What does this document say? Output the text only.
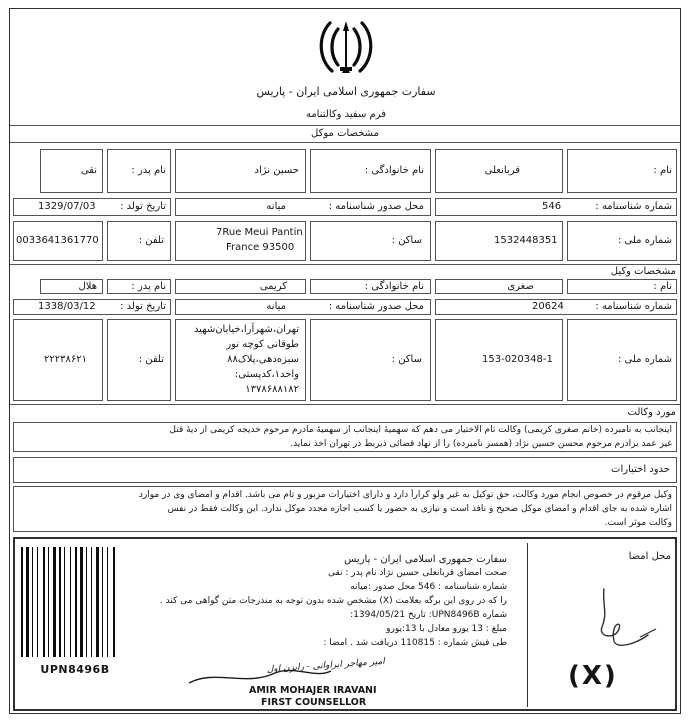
سفارت جمهوری اسلامی ایران - پاریس
فرم سفید وکالتنامه
مشخصات موکل
نام :
قربانعلی
نام خانوادگی :
حسین نژاد
نام پدر :
نقی
شماره شناسنامه :
546
محل صدور شناسنامه :
میانه
تاریخ تولد :
1329/07/03
شماره ملی :
1532448351
ساکن :
7Rue Meui Pantin
France 93500
تلفن :
0033641361770
مشخصات وکیل
نام :
صغری
نام خانوادگی :
کریمی
نام پدر :
هلال
شماره شناسنامه :
20624
محل صدور شناسنامه :
میانه
تاریخ تولد :
1338/03/12
شماره ملی :
153-020348-1
ساکن :
تهران،شهرآرا،خیابان‌شهید
طوقانی کوچه نور
سبزه‌دهی،پلاک۸۸
واحد۱،کدپستی:
۱۳۷۸۶۸۸۱۸۲
تلفن :
۲۲۲۳۸۶۲۱
مورد وکالت
اینجانب به نامبرده (خانم صغری کریمی) وکالت تام الاختیار می دهم که سهمیهٔ اینجانب از سهمیهٔ مادرم مرحوم خدیجه کریمی از دیهٔ قتل
غیر عمد برادرم مرحوم محسن حسین نژاد (همسر نامبرده) را از نهاد قضائی ذیربط در تهران اخذ نماید.
حدود اختیارات
وکیل مرقوم در خصوص انجام مورد وکالت، حق توکیل به غیر ولو کراراً دارد و دارای اختیارات مزبور و تام می باشد. اقدام و امضای وی در موارد
اشاره شده به جای اقدام و امضای موکل صحیح و نافذ است و نیازی به حضور یا کسب اجازه مجدد موکل ندارد. این وکالت فقط در نفس
وکالت موثر است.
UPN8496B
سفارت جمهوری اسلامی ایران - پاریس
صحت امضای قربانعلی حسین نژاد نام پدر : نقی
شماره شناسنامه : 546 محل صدور :میانه
را که در روی این برگه بعلامت (X) مشخص شده بدون توجه به مندرجات متن گواهی می کند .
شماره UPN8496B: تاریخ 1394/05/21:
مبلغ : 13 یورو معادل با 13:یورو
طی فیش شماره : 110815 دریافت شد . امضا :
امیر مهاجر ایراوانی - رایزن اول
AMIR MOHAJER IRAVANI
FIRST COUNSELLOR
محل امضا
(X)
